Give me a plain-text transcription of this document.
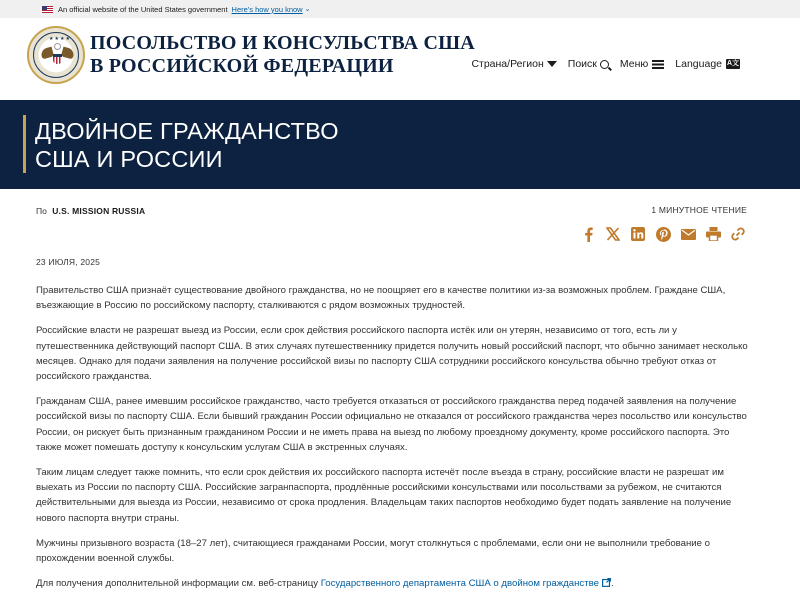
An official website of the United States government Here's how you know ⌄
★★★★ ПОСОЛЬСТВО И КОНСУЛЬСТВА США
В РОССИЙСКОЙ ФЕДЕРАЦИИ	Страна/Регион Поиск Меню	Language A文
ДВОЙНОЕ ГРАЖДАНСТВО
США И РОССИИ
По U.S. MISSION RUSSIA	1 МИНУТНОЕ ЧТЕНИЕ
23 ИЮЛЯ, 2025

Правительство США признаёт существование двойного гражданства, но не поощряет его в качестве политики из-за возможных проблем. Граждане США, въезжающие в Россию по российскому паспорту, сталкиваются с рядом возможных трудностей.

Российские власти не разрешат выезд из России, если срок действия российского паспорта истёк или он утерян, независимо от того, есть ли у путешественника действующий паспорт США. В этих случаях путешественнику придется получить новый российский паспорт, что обычно занимает несколько месяцев. Однако для подачи заявления на получение российской визы по паспорту США сотрудники российского консульства обычно требуют отказ от российского гражданства.

Гражданам США, ранее имевшим российское гражданство, часто требуется отказаться от российского гражданства перед подачей заявления на получение российской визы по паспорту США. Если бывший гражданин России официально не отказался от российского гражданства через посольство или консульство России, он рискует быть признанным гражданином России и не иметь права на выезд по любому проездному документу, кроме российского паспорта. Это также может помешать доступу к консульским услугам США в экстренных случаях.

Таким лицам следует также помнить, что если срок действия их российского паспорта истечёт после въезда в страну, российские власти не разрешат им выехать из России по паспорту США. Российские загранпаспорта, продлённые российскими консульствами или посольствами за рубежом, не считаются действительными для выезда из России, независимо от срока продления. Владельцам таких паспортов необходимо будет подать заявление на получение нового паспорта внутри страны.

Мужчины призывного возраста (18–27 лет), считающиеся гражданами России, могут столкнуться с проблемами, если они не выполнили требование о прохождении военной службы.

Для получения дополнительной информации см. веб-страницу Государственного департамента США о двойном гражданстве .
